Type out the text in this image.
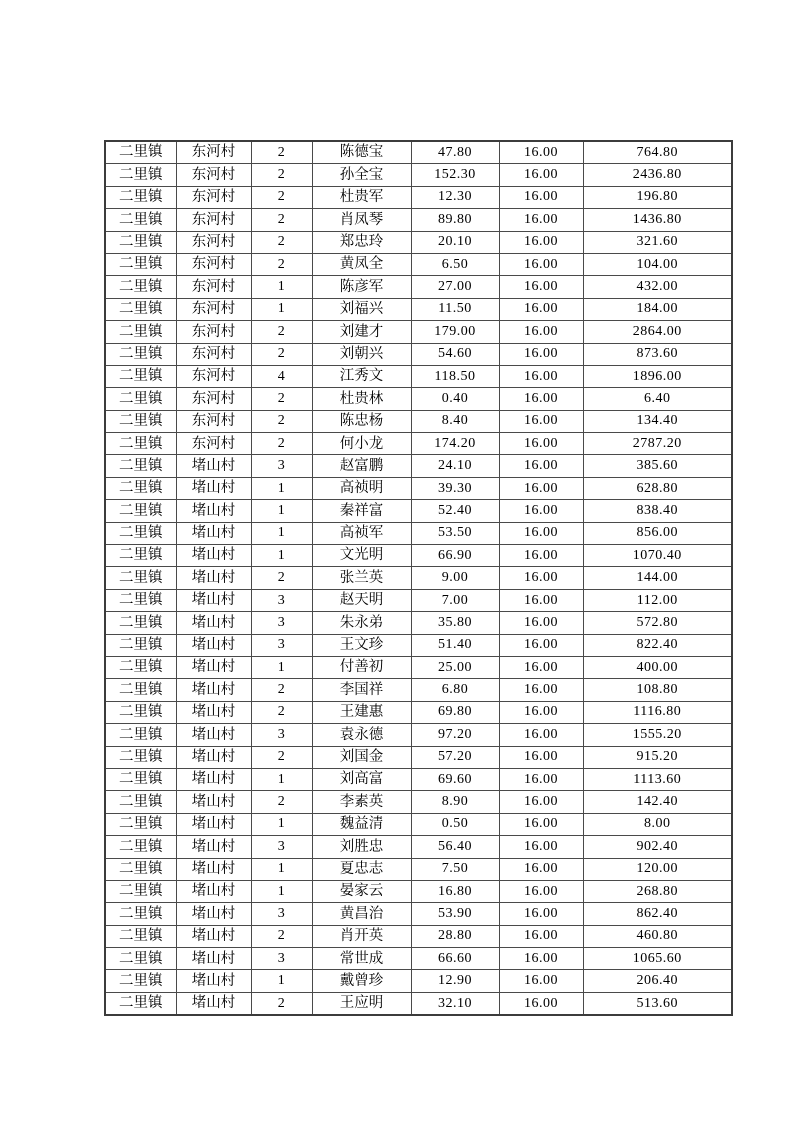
二里镇	东河村	2	陈德宝	47.80	16.00	764.80
二里镇	东河村	2	孙全宝	152.30	16.00	2436.80
二里镇	东河村	2	杜贵军	12.30	16.00	196.80
二里镇	东河村	2	肖凤琴	89.80	16.00	1436.80
二里镇	东河村	2	郑忠玲	20.10	16.00	321.60
二里镇	东河村	2	黄凤全	6.50	16.00	104.00
二里镇	东河村	1	陈彦军	27.00	16.00	432.00
二里镇	东河村	1	刘福兴	11.50	16.00	184.00
二里镇	东河村	2	刘建才	179.00	16.00	2864.00
二里镇	东河村	2	刘朝兴	54.60	16.00	873.60
二里镇	东河村	4	江秀文	118.50	16.00	1896.00
二里镇	东河村	2	杜贵林	0.40	16.00	6.40
二里镇	东河村	2	陈忠杨	8.40	16.00	134.40
二里镇	东河村	2	何小龙	174.20	16.00	2787.20
二里镇	堵山村	3	赵富鹏	24.10	16.00	385.60
二里镇	堵山村	1	高祯明	39.30	16.00	628.80
二里镇	堵山村	1	秦祥富	52.40	16.00	838.40
二里镇	堵山村	1	高祯军	53.50	16.00	856.00
二里镇	堵山村	1	文光明	66.90	16.00	1070.40
二里镇	堵山村	2	张兰英	9.00	16.00	144.00
二里镇	堵山村	3	赵天明	7.00	16.00	112.00
二里镇	堵山村	3	朱永弟	35.80	16.00	572.80
二里镇	堵山村	3	王文珍	51.40	16.00	822.40
二里镇	堵山村	1	付善初	25.00	16.00	400.00
二里镇	堵山村	2	李国祥	6.80	16.00	108.80
二里镇	堵山村	2	王建惠	69.80	16.00	1116.80
二里镇	堵山村	3	袁永德	97.20	16.00	1555.20
二里镇	堵山村	2	刘国金	57.20	16.00	915.20
二里镇	堵山村	1	刘高富	69.60	16.00	1113.60
二里镇	堵山村	2	李素英	8.90	16.00	142.40
二里镇	堵山村	1	魏益清	0.50	16.00	8.00
二里镇	堵山村	3	刘胜忠	56.40	16.00	902.40
二里镇	堵山村	1	夏忠志	7.50	16.00	120.00
二里镇	堵山村	1	晏家云	16.80	16.00	268.80
二里镇	堵山村	3	黄昌治	53.90	16.00	862.40
二里镇	堵山村	2	肖开英	28.80	16.00	460.80
二里镇	堵山村	3	常世成	66.60	16.00	1065.60
二里镇	堵山村	1	戴曾珍	12.90	16.00	206.40
二里镇	堵山村	2	王应明	32.10	16.00	513.60
